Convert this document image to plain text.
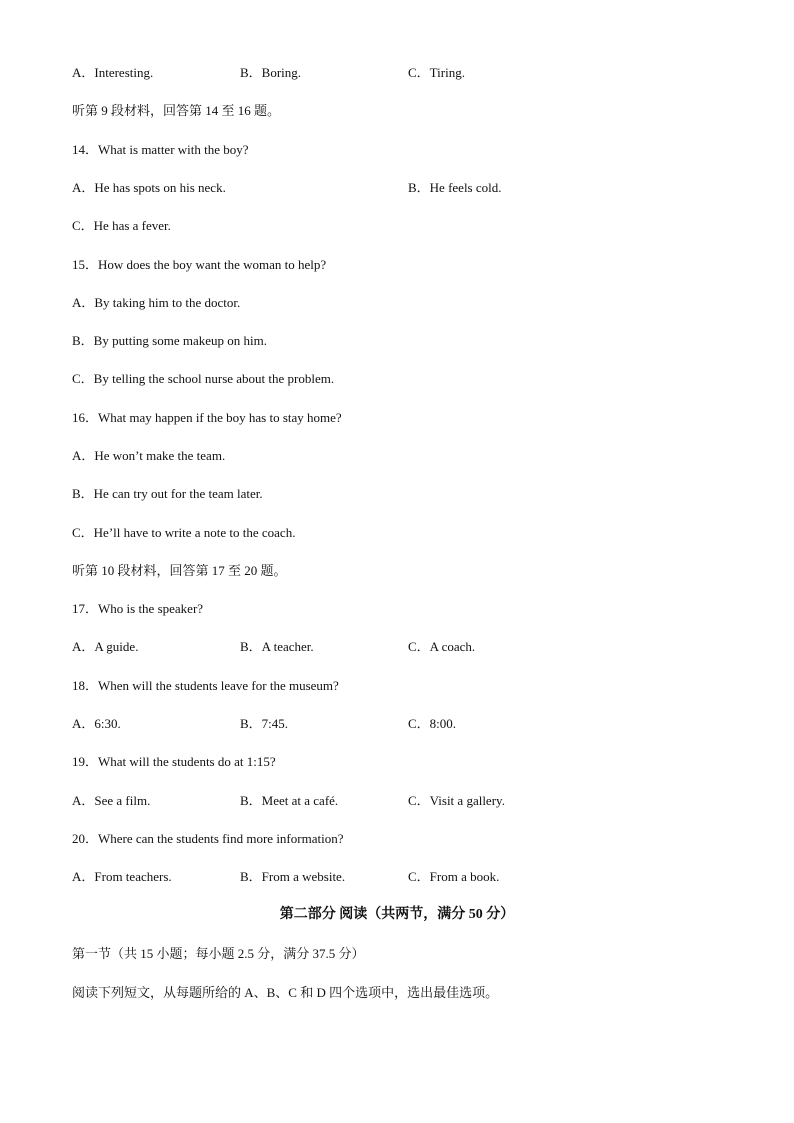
A．Interesting.	B．Boring.	C．Tiring.
听第 9 段材料，回答第 14 至 16 题。
14．What is matter with the boy?
A．He has spots on his neck.	B．He feels cold.
C．He has a fever.
15．How does the boy want the woman to help?
A．By taking him to the doctor.
B．By putting some makeup on him.
C．By telling the school nurse about the problem.
16．What may happen if the boy has to stay home?
A．He won’t make the team.
B．He can try out for the team later.
C．He’ll have to write a note to the coach.
听第 10 段材料，回答第 17 至 20 题。
17．Who is the speaker?
A．A guide.	B．A teacher.	C．A coach.
18．When will the students leave for the museum?
A．6:30.	B．7:45.	C．8:00.
19．What will the students do at 1:15?
A．See a film.	B．Meet at a café.	C．Visit a gallery.
20．Where can the students find more information?
A．From teachers.	B．From a website.	C．From a book.
第二部分 阅读（共两节，满分 50 分）
第一节（共 15 小题；每小题 2.5 分，满分 37.5 分）
阅读下列短文，从每题所给的 A、B、C 和 D 四个选项中，选出最佳选项。
